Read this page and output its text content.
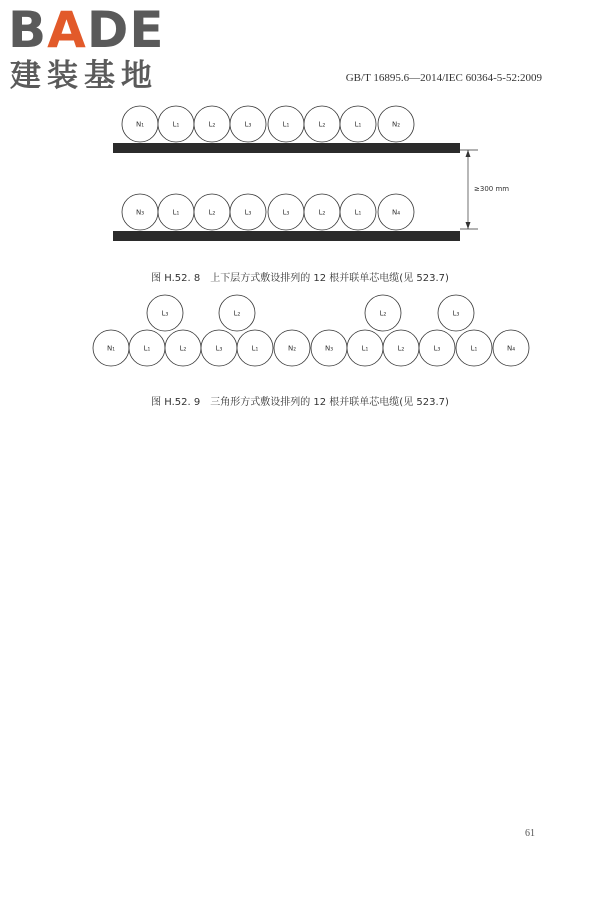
BADE
建装基地	GB/T 16895.6—2014/IEC 60364-5-52:2009
N₁	L₁	L₂	L₃	L₁	L₂	L₁	N₂
N₃	L₁	L₂	L₃	L₃	L₂	L₁	N₄
≥300 mm
N₁	L₁	L₂	L₃	L₁	N₂	N₃	L₁	L₂	L₃	L₁	N₄
L₃	L₂	L₂	L₃
图 H.52. 8　上下层方式敷设排列的 12 根并联单芯电缆(见 523.7)
图 H.52. 9　三角形方式敷设排列的 12 根并联单芯电缆(见 523.7)
61
